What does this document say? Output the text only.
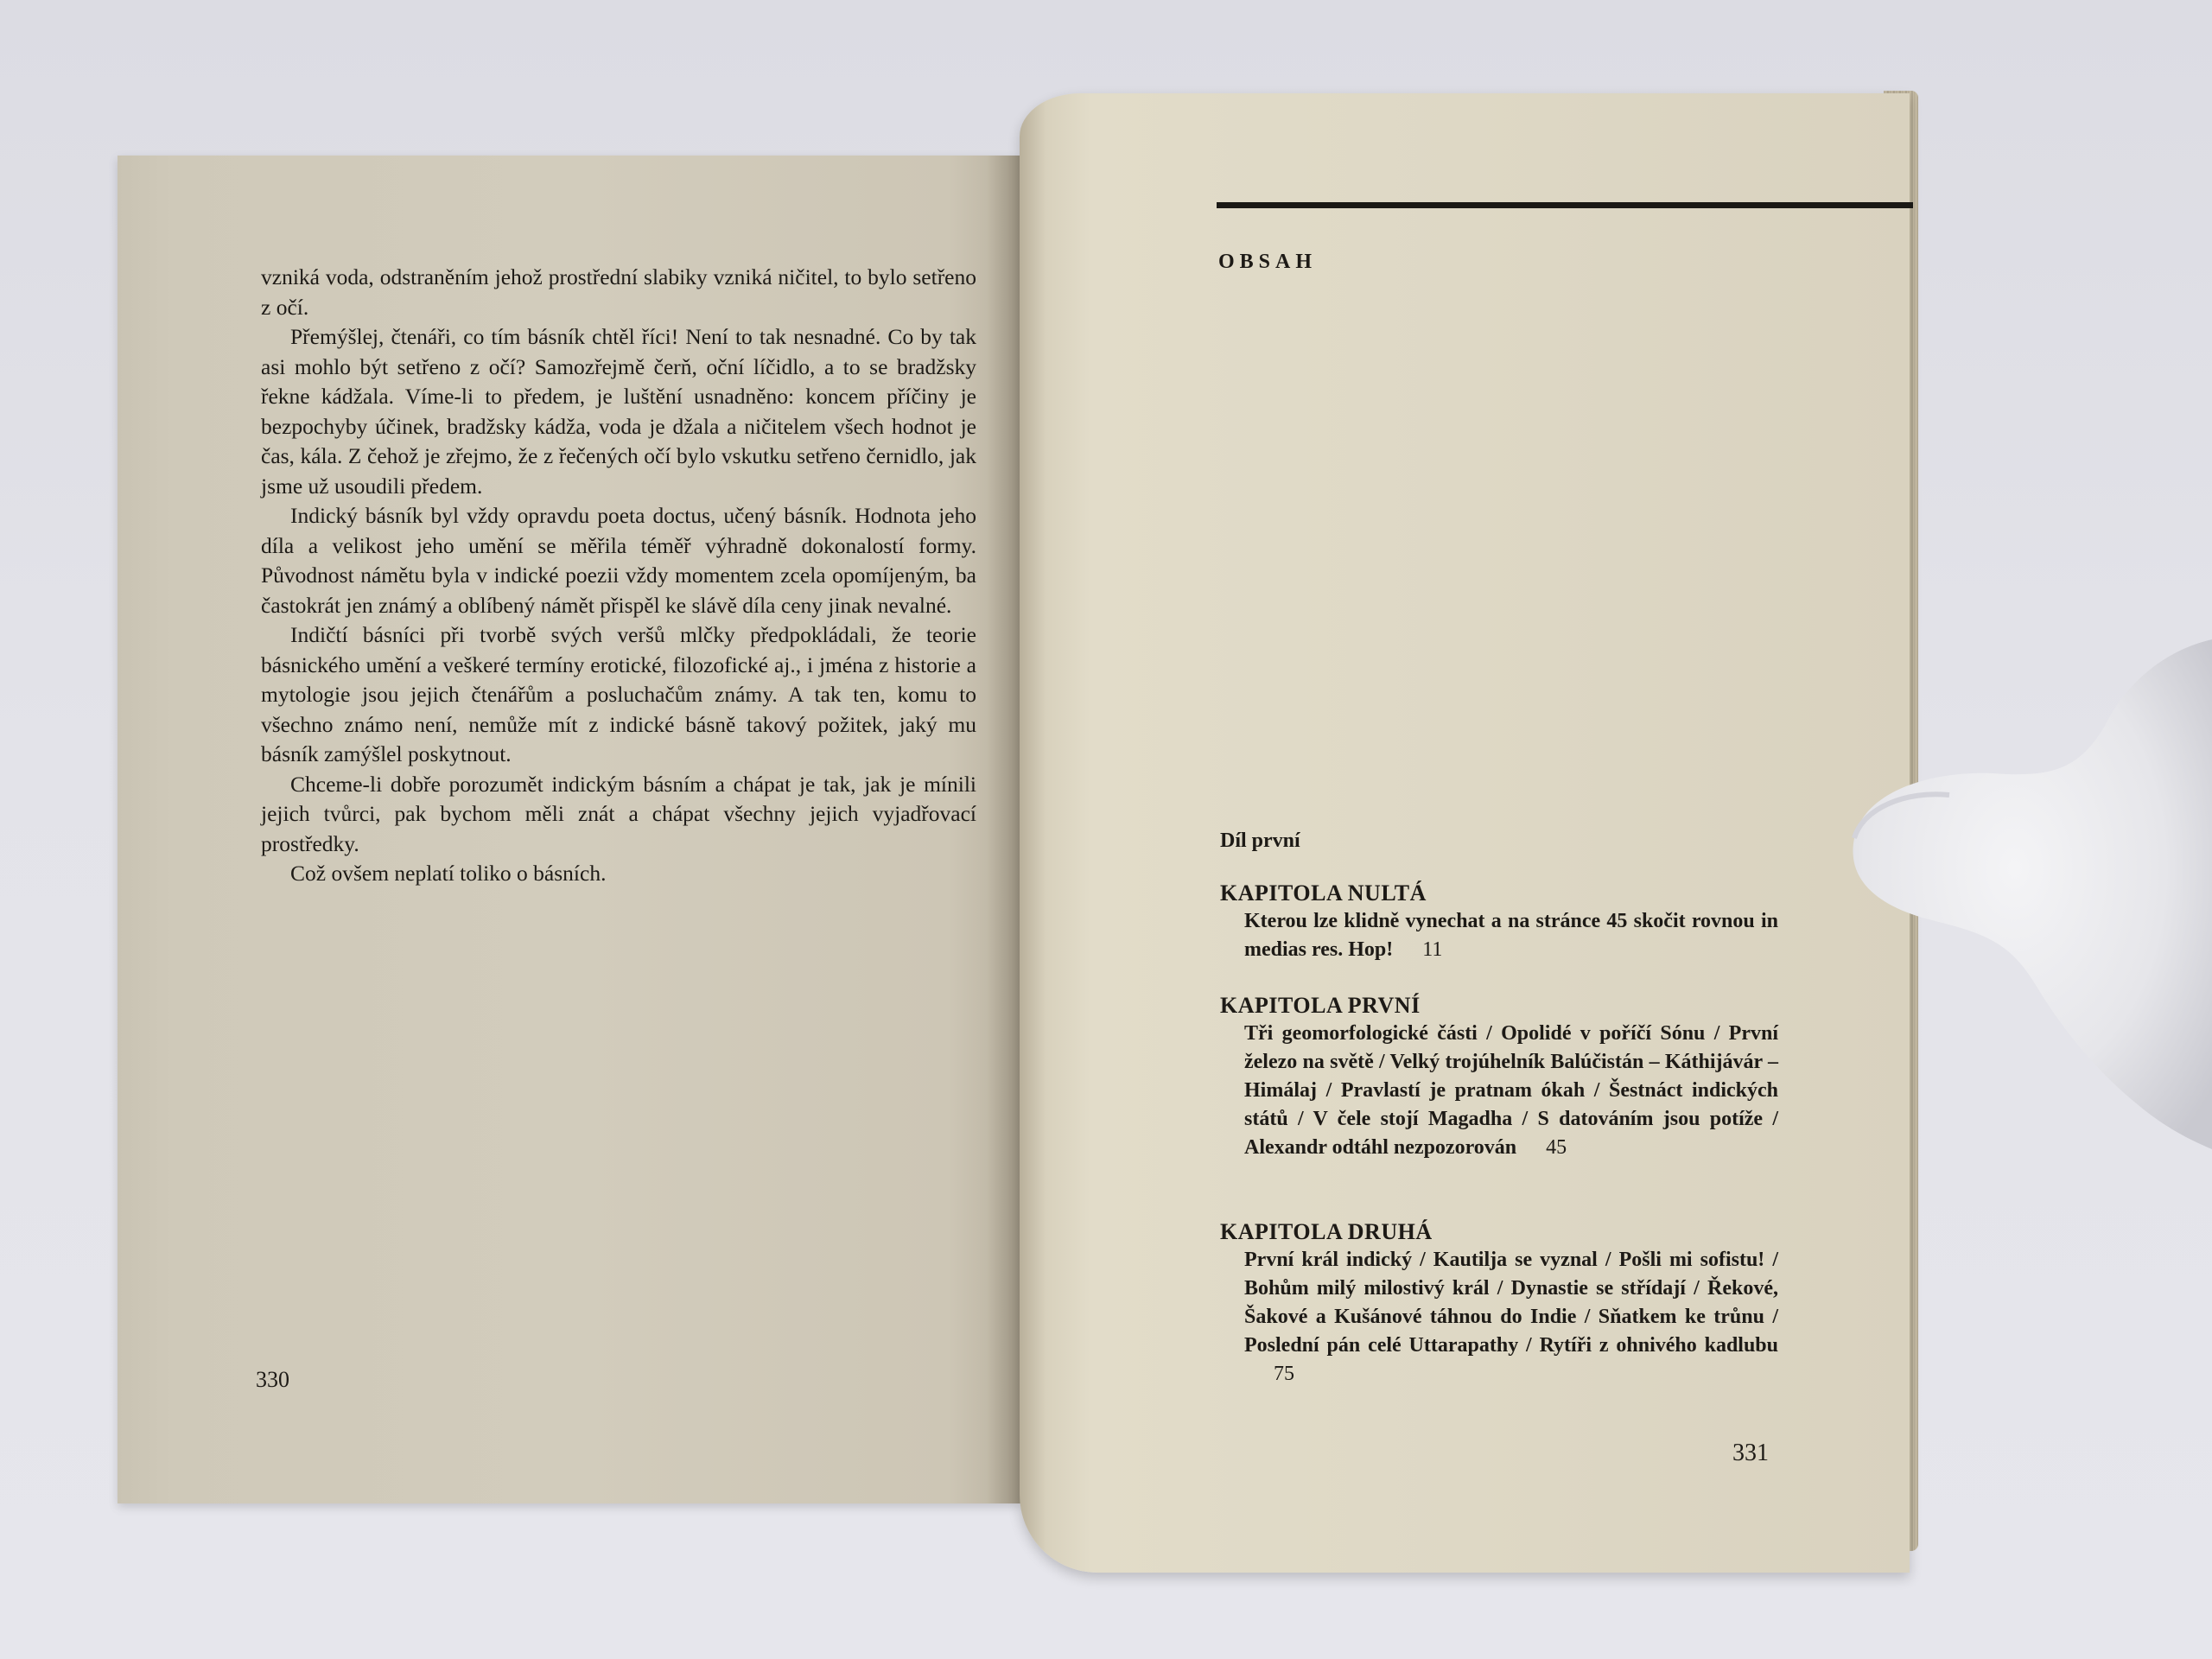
vzniká voda, odstraněním jehož prostřední slabiky vzniká ničitel, to bylo setřeno z očí.

Přemýšlej, čtenáři, co tím básník chtěl říci! Není to tak nesnadné. Co by tak asi mohlo být setřeno z očí? Samozřejmě čerň, oční líčidlo, a to se bradžsky řekne kádžala. Víme-li to předem, je luštění usnadněno: koncem příčiny je bezpochyby účinek, bradžsky kádža, voda je džala a ničitelem všech hodnot je čas, kála. Z čehož je zřejmo, že z řečených očí bylo vskutku setřeno černidlo, jak jsme už usoudili předem.

Indický básník byl vždy opravdu poeta doctus, učený básník. Hodnota jeho díla a velikost jeho umění se měřila téměř výhradně dokonalostí formy. Původnost námětu byla v indické poezii vždy momentem zcela opomíjeným, ba častokrát jen známý a oblíbený námět přispěl ke slávě díla ceny jinak nevalné.

Indičtí básníci při tvorbě svých veršů mlčky předpokládali, že teorie básnického umění a veškeré termíny erotické, filozofické aj., i jména z historie a mytologie jsou jejich čtenářům a posluchačům známy. A tak ten, komu to všechno známo není, nemůže mít z indické básně takový požitek, jaký mu básník zamýšlel poskytnout.

Chceme-li dobře porozumět indickým básním a chápat je tak, jak je mínili jejich tvůrci, pak bychom měli znát a chápat všechny jejich vyjadřovací prostředky.

Což ovšem neplatí toliko o básních.

330
OBSAH
Díl první
KAPITOLA NULTÁ
Kterou lze klidně vynechat a na stránce 45 skočit rovnou in medias res. Hop! 11
KAPITOLA PRVNÍ
Tři geomorfologické části / Opolidé v poříčí Sónu / První železo na světě / Velký trojúhelník Balúčistán – Káthijávár – Himálaj / Pravlastí je pratnam ókah / Šestnáct indických států / V čele stojí Magadha / S datováním jsou potíže / Alexandr odtáhl nezpozorován 45
KAPITOLA DRUHÁ
První král indický / Kautilja se vyznal / Pošli mi sofistu! / Bohům milý milostivý král / Dynastie se střídají / Řekové, Šakové a Kušánové táhnou do Indie / Sňatkem ke trůnu / Poslední pán celé Uttarapathy / Rytíři z ohnivého kadlubu75
331
